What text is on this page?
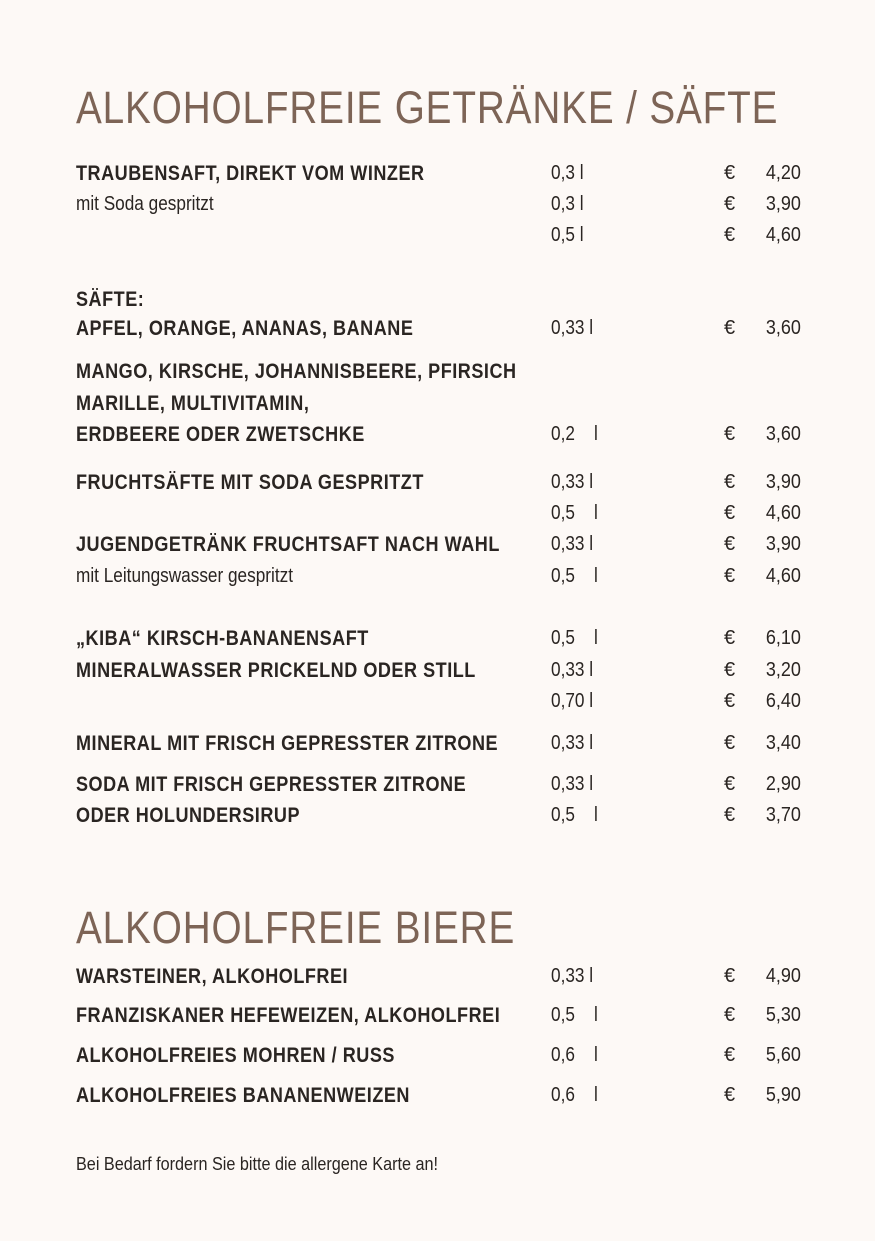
ALKOHOLFREIE GETRÄNKE / SÄFTE
TRAUBENSAFT, DIREKT VOM WINZER	0,3 l	€ 4,20
mit Soda gespritzt	0,3 l	€ 3,90
0,5 l	€ 4,60
SÄFTE:
APFEL, ORANGE, ANANAS, BANANE	0,33 l	€ 3,60
MANGO, KIRSCHE, JOHANNISBEERE, PFIRSICH
MARILLE, MULTIVITAMIN,
ERDBEERE ODER ZWETSCHKE	0,2    l	€ 3,60
FRUCHTSÄFTE MIT SODA GESPRITZT	0,33 l	€ 3,90
0,5    l	€ 4,60
JUGENDGETRÄNK FRUCHTSAFT NACH WAHL	0,33 l	€ 3,90
mit Leitungswasser gespritzt	0,5    l	€ 4,60
„KIBA“ KIRSCH-BANANENSAFT	0,5    l	€ 6,10
MINERALWASSER PRICKELND ODER STILL	0,33 l	€ 3,20
0,70 l	€ 6,40
MINERAL MIT FRISCH GEPRESSTER ZITRONE	0,33 l	€ 3,40
SODA MIT FRISCH GEPRESSTER ZITRONE	0,33 l	€ 2,90
ODER HOLUNDERSIRUP	0,5    l	€ 3,70
ALKOHOLFREIE BIERE
WARSTEINER, ALKOHOLFREI	0,33 l	€ 4,90
FRANZISKANER HEFEWEIZEN, ALKOHOLFREI	0,5    l	€ 5,30
ALKOHOLFREIES MOHREN / RUSS	0,6    l	€ 5,60
ALKOHOLFREIES BANANENWEIZEN	0,6    l	€ 5,90
Bei Bedarf fordern Sie bitte die allergene Karte an!
